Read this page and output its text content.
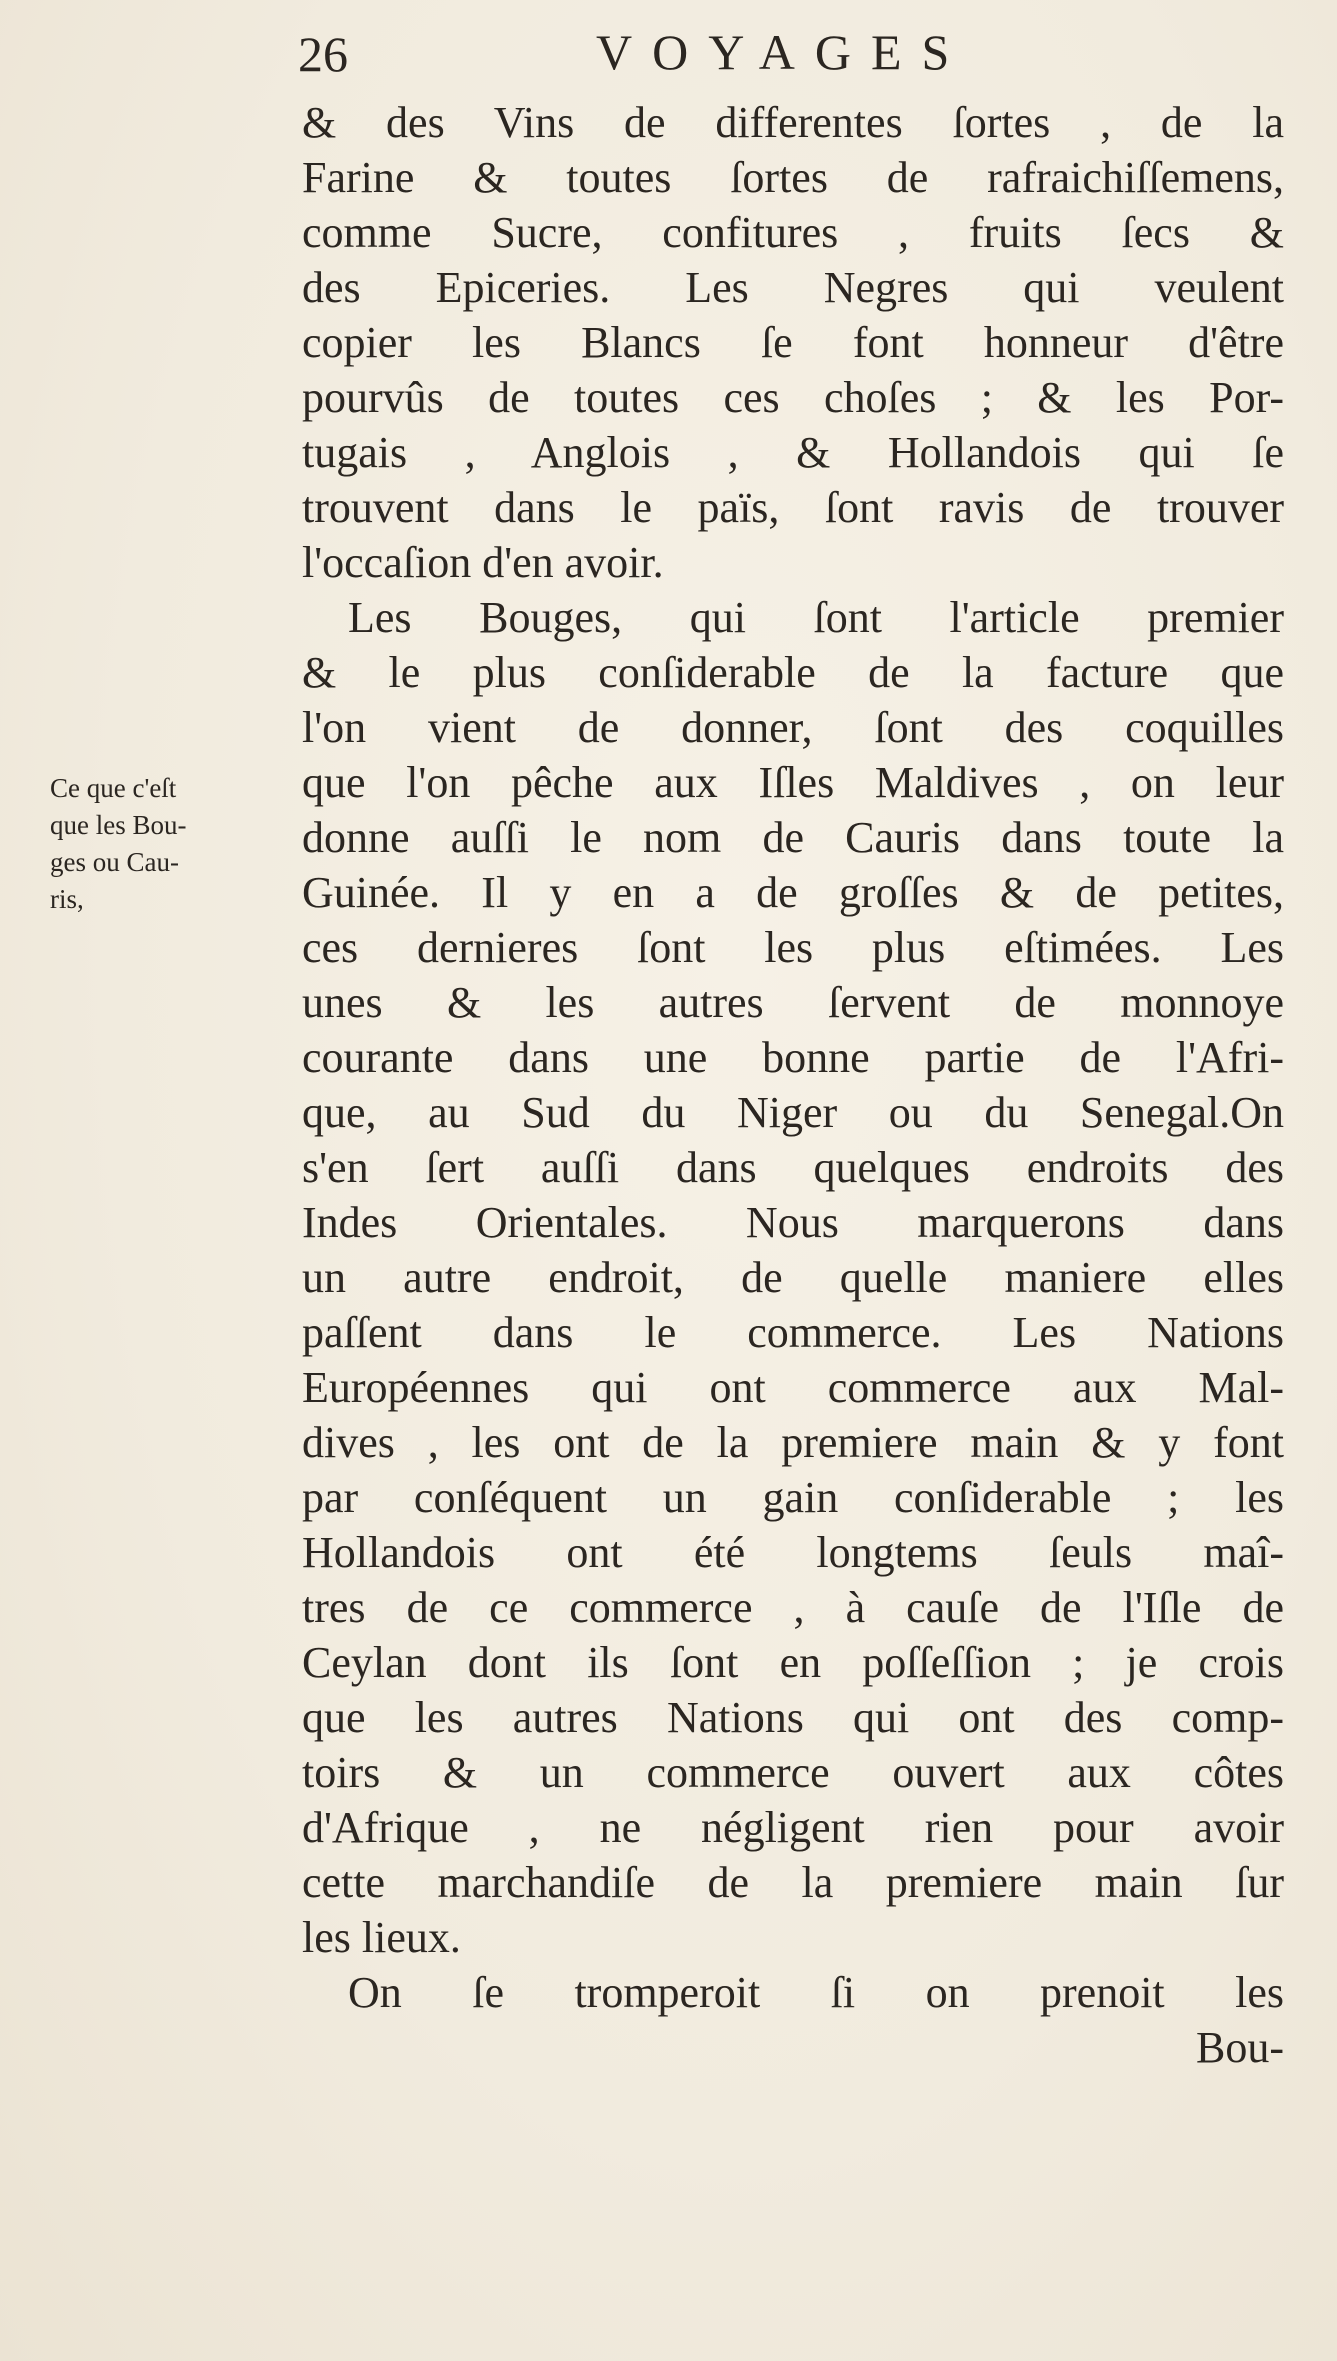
26	VOYAGES
Ce que c'eſt
que les Bou-
ges ou Cau-
ris,
& des Vins de differentes ſortes , de la
Farine & toutes ſortes de rafraichiſſemens,
comme Sucre, confitures , fruits ſecs &
des Epiceries. Les Negres qui veulent
copier les Blancs ſe font honneur d'être
pourvûs de toutes ces choſes ; & les Por-
tugais , Anglois , & Hollandois qui ſe
trouvent dans le païs, ſont ravis de trouver
l'occaſion d'en avoir.
Les Bouges, qui ſont l'article premier
& le plus conſiderable de la facture que
l'on vient de donner, ſont des coquilles
que l'on pêche aux Iſles Maldives , on leur
donne auſſi le nom de Cauris dans toute la
Guinée. Il y en a de groſſes & de petites,
ces dernieres ſont les plus eſtimées. Les
unes & les autres ſervent de monnoye
courante dans une bonne partie de l'Afri-
que, au Sud du Niger ou du Senegal.On
s'en ſert auſſi dans quelques endroits des
Indes Orientales. Nous marquerons dans
un autre endroit, de quelle maniere elles
paſſent dans le commerce. Les Nations
Européennes qui ont commerce aux Mal-
dives , les ont de la premiere main & y font
par conſéquent un gain conſiderable ; les
Hollandois ont été longtems ſeuls maî-
tres de ce commerce , à cauſe de l'Iſle de
Ceylan dont ils ſont en poſſeſſion ; je crois
que les autres Nations qui ont des comp-
toirs & un commerce ouvert aux côtes
d'Afrique , ne négligent rien pour avoir
cette marchandiſe de la premiere main ſur
les lieux.
On ſe tromperoit ſi on prenoit les
Bou-
